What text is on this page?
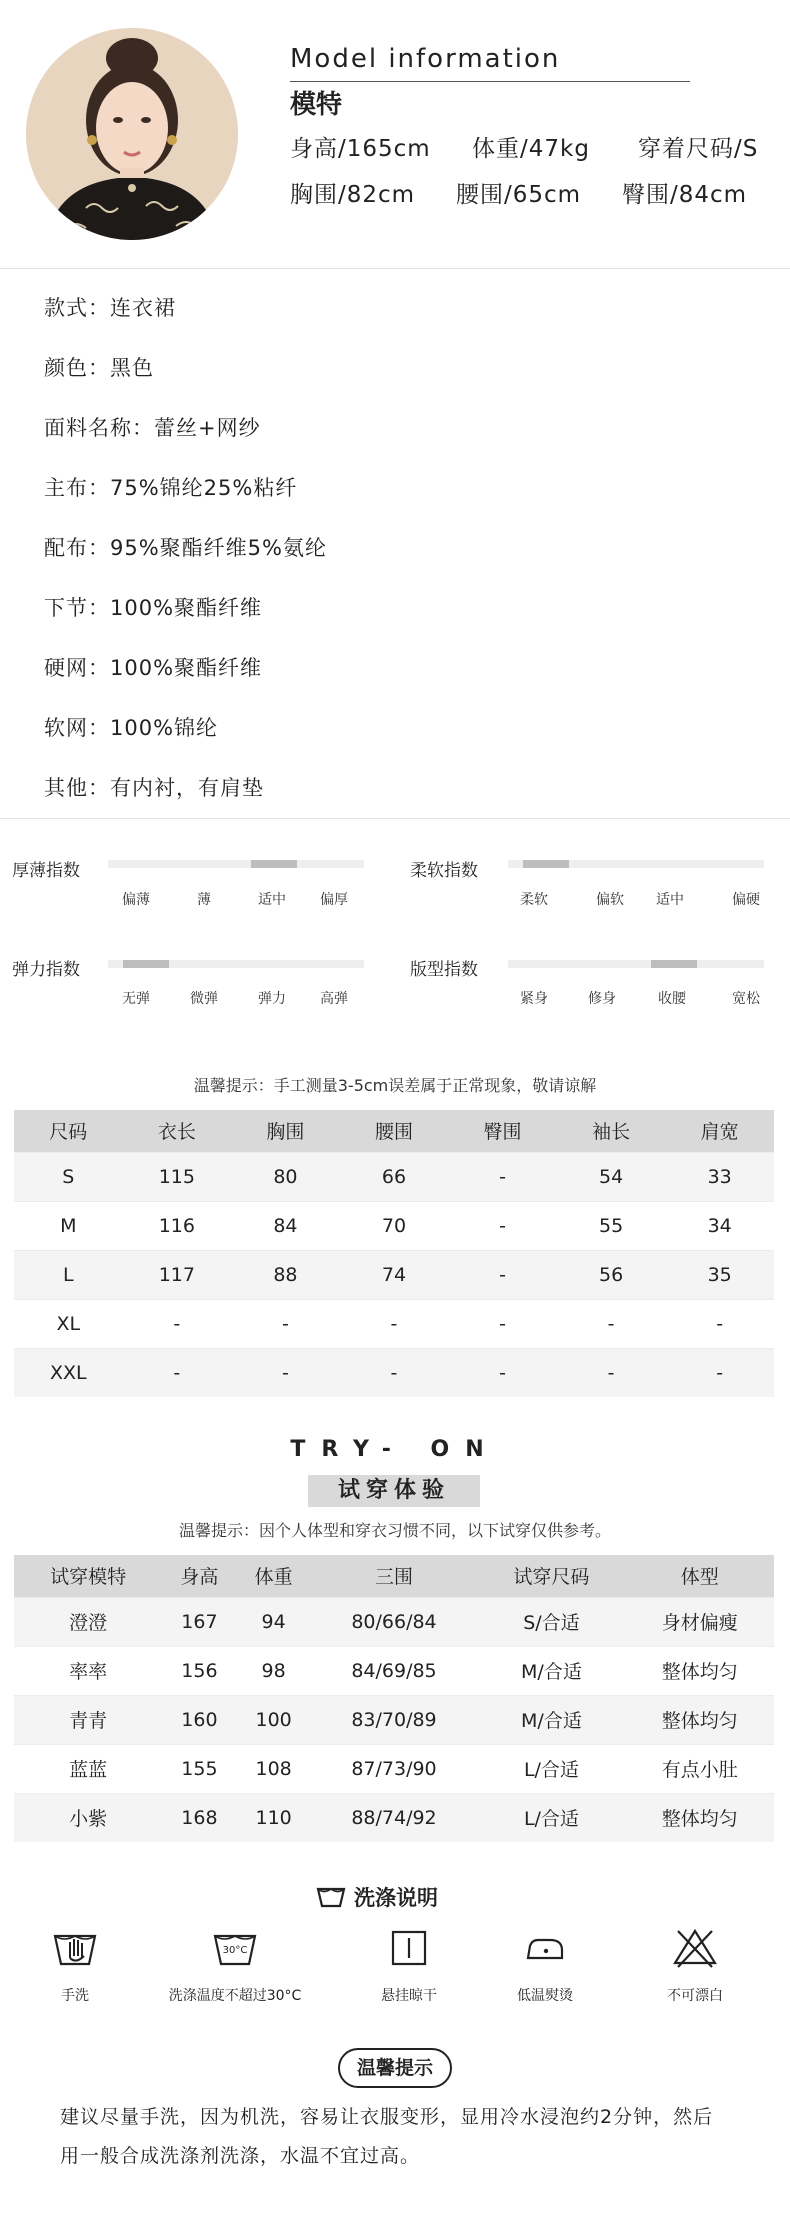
Model information
模特
身高/165cm 体重/47kg 穿着尺码/S
胸围/82cm 腰围/65cm 臀围/84cm
款式：连衣裙
颜色：黑色
面料名称：蕾丝+网纱
主布：75%锦纶25%粘纤
配布：95%聚酯纤维5%氨纶
下节：100%聚酯纤维
硬网：100%聚酯纤维
软网：100%锦纶
其他：有内衬，有肩垫
厚薄指数
偏薄	薄	适中	偏厚
柔软指数
柔软	偏软	适中	偏硬
弹力指数
无弹	微弹	弹力	高弹
版型指数
紧身	修身	收腰	宽松
温馨提示：手工测量3-5cm误差属于正常现象，敬请谅解
尺码	衣长	胸围	腰围	臀围	袖长	肩宽
S	115	80	66	-	54	33
M	116	84	70	-	55	34
L	117	88	74	-	56	35
XL	-	-	-	-	-	-
XXL	-	-	-	-	-	-
TRY- ON
试穿体验
温馨提示：因个人体型和穿衣习惯不同，以下试穿仅供参考。
试穿模特	身高	体重	三围	试穿尺码	体型
澄澄	167	94	80/66/84	S/合适	身材偏瘦
率率	156	98	84/69/85	M/合适	整体均匀
青青	160	100	83/70/89	M/合适	整体均匀
蓝蓝	155	108	87/73/90	L/合适	有点小肚
小紫	168	110	88/74/92	L/合适	整体均匀
洗涤说明
手洗
30°C
洗涤温度不超过30°C	悬挂晾干	低温熨烫	不可漂白
温馨提示
建议尽量手洗，因为机洗，容易让衣服变形，显用冷水浸泡约2分钟，然后
用一般合成洗涤剂洗涤，水温不宜过高。
